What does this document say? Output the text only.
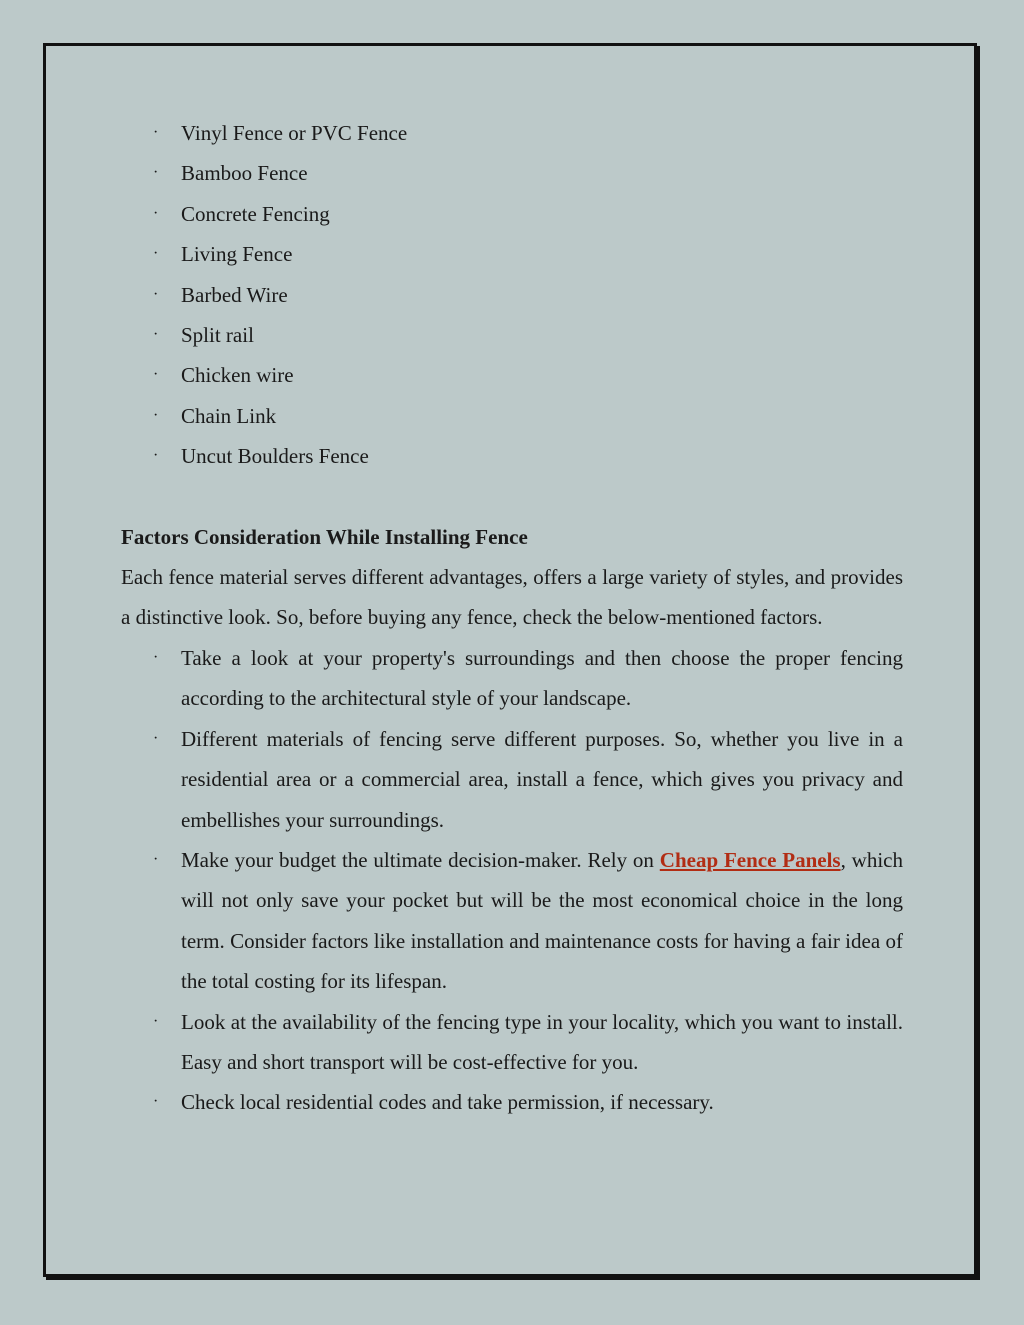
· Vinyl Fence or PVC Fence
· Bamboo Fence
· Concrete Fencing
· Living Fence
· Barbed Wire
· Split rail
· Chicken wire
· Chain Link
· Uncut Boulders Fence
Factors Consideration While Installing Fence

Each fence material serves different advantages, offers a large variety of styles, and provides a distinctive look. So, before buying any fence, check the below-mentioned factors.

· Take a look at your property's surroundings and then choose the proper fencing according to the architectural style of your landscape.
· Different materials of fencing serve different purposes. So, whether you live in a residential area or a commercial area, install a fence, which gives you privacy and embellishes your surroundings.
· Make your budget the ultimate decision-maker. Rely on Cheap Fence Panels, which will not only save your pocket but will be the most economical choice in the long term. Consider factors like installation and maintenance costs for having a fair idea of the total costing for its lifespan.
· Look at the availability of the fencing type in your locality, which you want to install. Easy and short transport will be cost-effective for you.
· Check local residential codes and take permission, if necessary.
